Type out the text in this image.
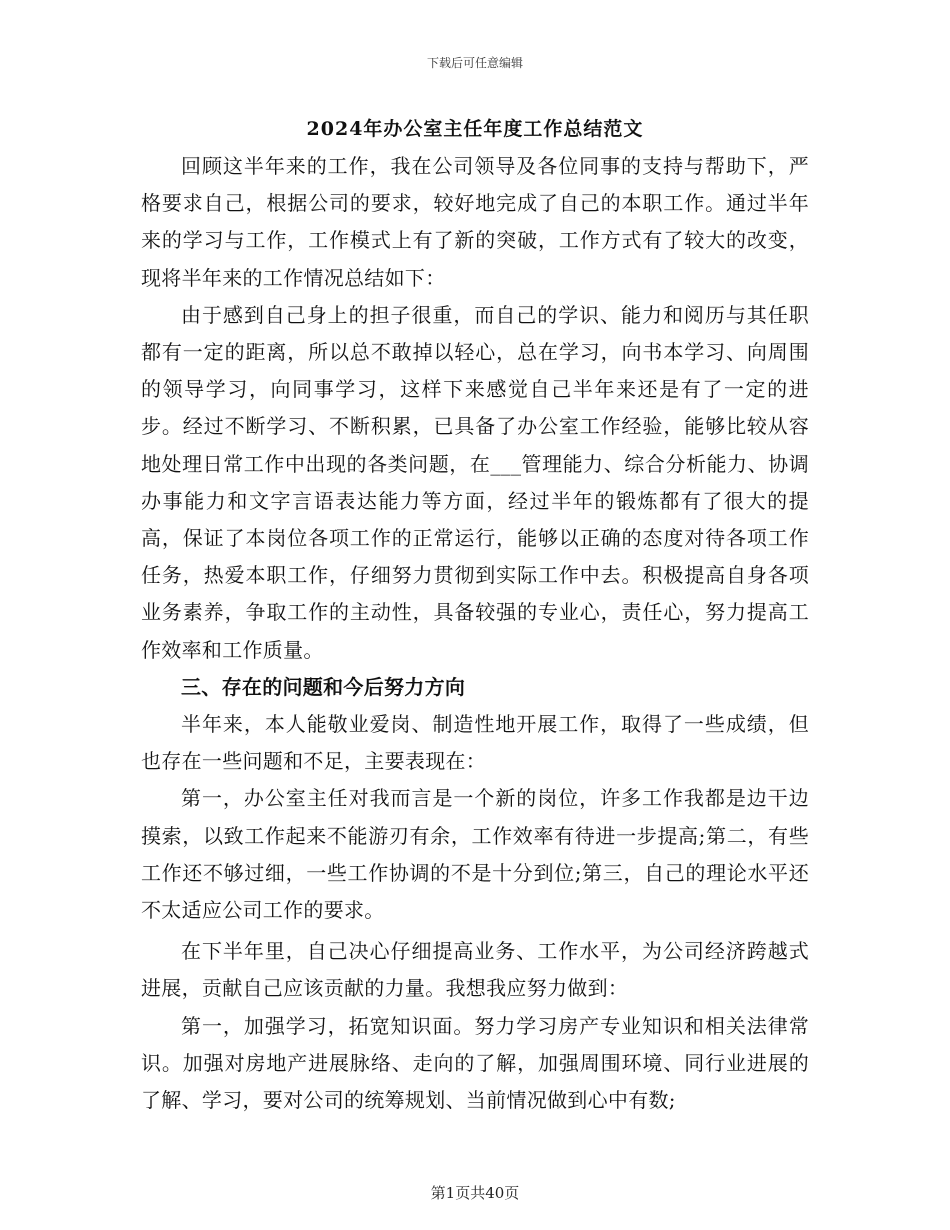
下载后可任意编辑
2024年办公室主任年度工作总结范文

回顾这半年来的工作，我在公司领导及各位同事的支持与帮助下，严格要求自己，根据公司的要求，较好地完成了自己的本职工作。通过半年来的学习与工作，工作模式上有了新的突破，工作方式有了较大的改变，现将半年来的工作情况总结如下：

由于感到自己身上的担子很重，而自己的学识、能力和阅历与其任职都有一定的距离，所以总不敢掉以轻心，总在学习，向书本学习、向周围的领导学习，向同事学习，这样下来感觉自己半年来还是有了一定的进步。经过不断学习、不断积累，已具备了办公室工作经验，能够比较从容地处理日常工作中出现的各类问题，在___管理能力、综合分析能力、协调办事能力和文字言语表达能力等方面，经过半年的锻炼都有了很大的提高，保证了本岗位各项工作的正常运行，能够以正确的态度对待各项工作任务，热爱本职工作，仔细努力贯彻到实际工作中去。积极提高自身各项业务素养，争取工作的主动性，具备较强的专业心，责任心，努力提高工作效率和工作质量。

三、存在的问题和今后努力方向

半年来，本人能敬业爱岗、制造性地开展工作，取得了一些成绩，但也存在一些问题和不足，主要表现在：

第一，办公室主任对我而言是一个新的岗位，许多工作我都是边干边摸索，以致工作起来不能游刃有余，工作效率有待进一步提高;第二，有些工作还不够过细，一些工作协调的不是十分到位;第三，自己的理论水平还不太适应公司工作的要求。

在下半年里，自己决心仔细提高业务、工作水平，为公司经济跨越式进展，贡献自己应该贡献的力量。我想我应努力做到：

第一，加强学习，拓宽知识面。努力学习房产专业知识和相关法律常识。加强对房地产进展脉络、走向的了解，加强周围环境、同行业进展的了解、学习，要对公司的统筹规划、当前情况做到心中有数;

第1页共40页
